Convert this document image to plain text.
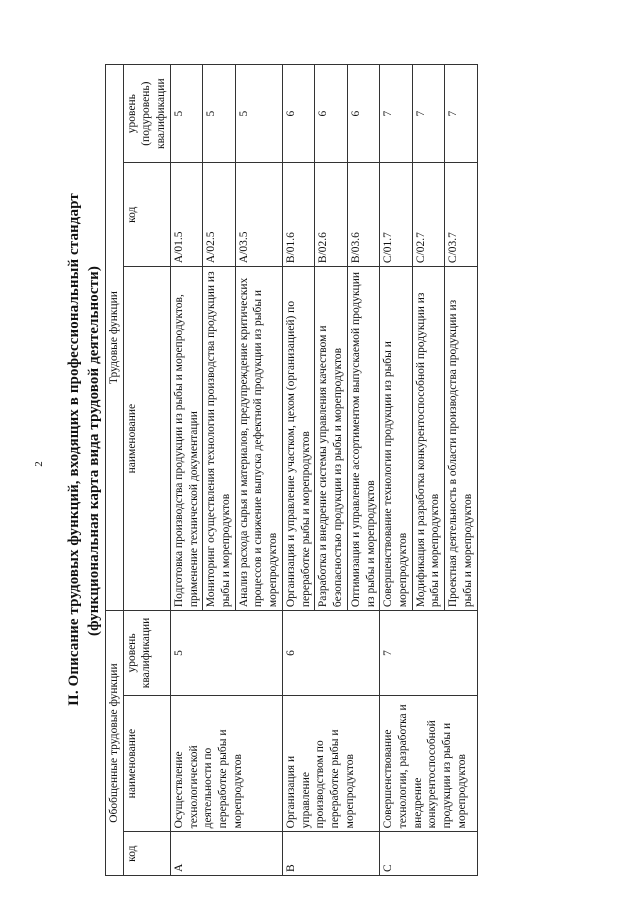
2 II. Описание трудовых функций, входящих в профессиональный стандарт (функциональная карта вида трудовой деятельности)
Обобщенные трудовые функции			Трудовые функции		
код	наименование	уровень квалификации	наименование	код	уровень (подуровень) квалификации
A	Осуществление технологической деятельности по переработке рыбы и морепродуктов	5	Подготовка производства продукции из рыбы и морепродуктов, применение технической документации	A/01.5	5
			Мониторинг осуществления технологии производства продукции из рыбы и морепродуктов	A/02.5	5
			Анализ расхода сырья и материалов, предупреждение критических процессов и снижение выпуска дефектной продукции из рыбы и морепродуктов	A/03.5	5
B	Организация и управление производством по переработке рыбы и морепродуктов	6	Организация и управление участком, цехом (организацией) по переработке рыбы и морепродуктов	B/01.6	6
			Разработка и внедрение системы управления качеством и безопасностью продукции из рыбы и морепродуктов	B/02.6	6
			Оптимизация и управление ассортиментом выпускаемой продукции из рыбы и морепродуктов	B/03.6	6
C	Совершенствование технологии, разработка и внедрение конкурентоспособной продукции из рыбы и морепродуктов	7	Совершенствование технологии продукции из рыбы и морепродуктов	C/01.7	7
			Модификация и разработка конкурентоспособной продукции из рыбы и морепродуктов	C/02.7	7
			Проектная деятельность в области производства продукции из рыбы и морепродуктов	C/03.7	7
